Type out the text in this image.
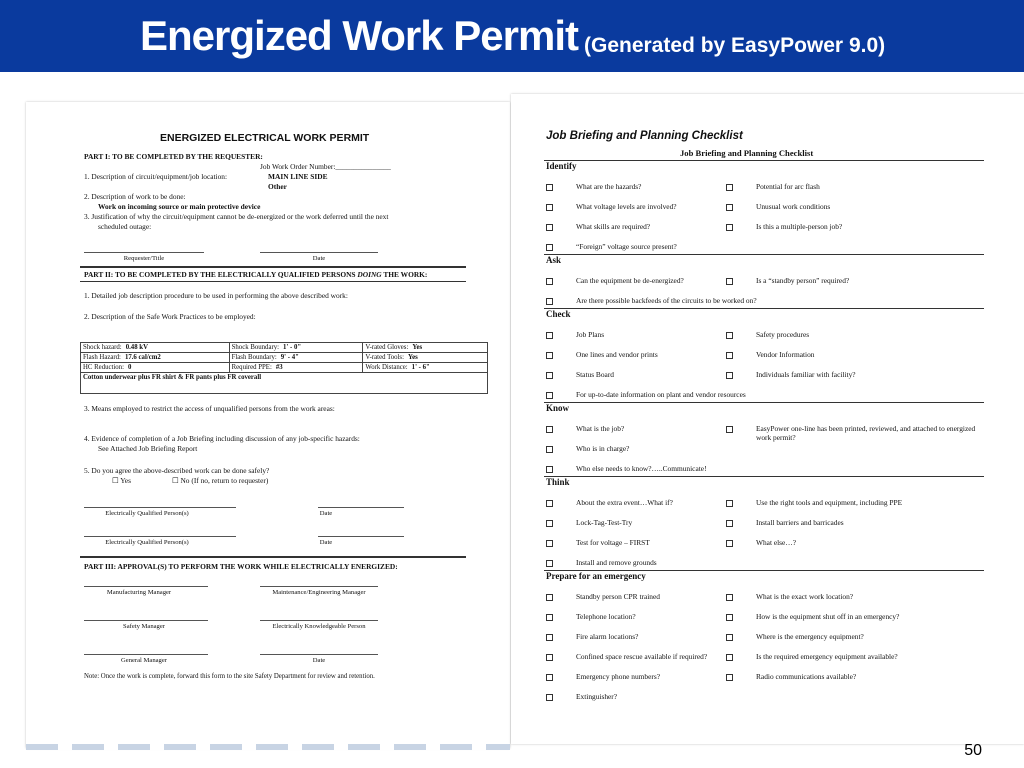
Energized Work Permit (Generated by EasyPower 9.0)
ENERGIZED ELECTRICAL WORK PERMIT
PART I: TO BE COMPLETED BY THE REQUESTER:
Job Work Order Number:_______________
1. Description of circuit/equipment/job location:	MAIN LINE SIDE
Other
2. Description of work to be done:
Work on incoming source or main protective device
3. Justification of why the circuit/equipment cannot be de-energized or the work deferred until the next
scheduled outage:
Requester/Title	Date
PART II: TO BE COMPLETED BY THE ELECTRICALLY QUALIFIED PERSONS DOING THE WORK:
1. Detailed job description procedure to be used in performing the above described work:
2. Description of the Safe Work Practices to be employed:
Shock hazard: 0.48 kV	Shock Boundary: 1' - 0"	V-rated Gloves: Yes
Flash Hazard: 17.6 cal/cm2	Flash Boundary: 9' - 4"	V-rated Tools: Yes
HC Reduction: 0	Required PPE: #3	Work Distance: 1' - 6"
Cotton underwear plus FR shirt & FR pants plus FR coverall		
3. Means employed to restrict the access of unqualified persons from the work areas:
4. Evidence of completion of a Job Briefing including discussion of any job-specific hazards:
See Attached Job Briefing Report
5. Do you agree the above-described work can be done safely?
☐ Yes	☐ No (If no, return to requester)
Electrically Qualified Person(s)	Date
Electrically Qualified Person(s)	Date
PART III: APPROVAL(S) TO PERFORM THE WORK WHILE ELECTRICALLY ENERGIZED:
Manufacturing Manager	Maintenance/Engineering Manager
Safety Manager	Electrically Knowledgeable Person
General Manager	Date
Note: Once the work is complete, forward this form to the site Safety Department for review and retention.
Job Briefing and Planning Checklist
Job Briefing and Planning Checklist
Identify
What are the hazards?	Potential for arc flash
What voltage levels are involved?	Unusual work conditions
What skills are required?	Is this a multiple-person job?
“Foreign” voltage source present?
Ask
Can the equipment be de-energized?	Is a “standby person” required?
Are there possible backfeeds of the circuits to be worked on?
Check
Job Plans	Safety procedures
One lines and vendor prints	Vendor Information
Status Board	Individuals familiar with facility?
For up-to-date information on plant and vendor resources
Know
What is the job?	EasyPower one-line has been printed, reviewed, and attached to energized work permit?
Who is in charge?
Who else needs to know?…..Communicate!
Think
About the extra event…What if?	Use the right tools and equipment, including PPE
Lock-Tag-Test-Try	Install barriers and barricades
Test for voltage – FIRST	What else…?
Install and remove grounds
Prepare for an emergency
Standby person CPR trained	What is the exact work location?
Telephone location?	How is the equipment shut off in an emergency?
Fire alarm locations?	Where is the emergency equipment?
Confined space rescue available if required?	Is the required emergency equipment available?
Emergency phone numbers?	Radio communications available?
Extinguisher?
50
